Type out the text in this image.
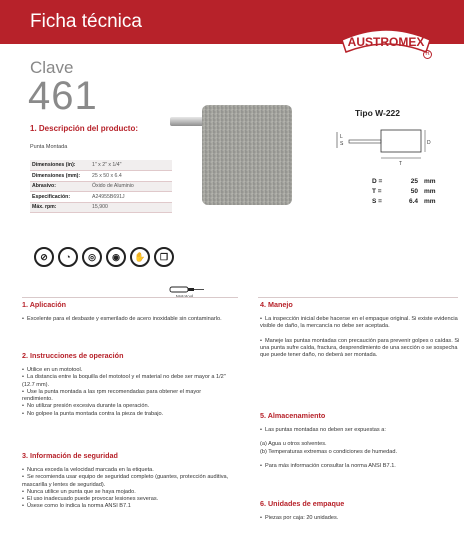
Ficha técnica
AUSTROMEX
R
Clave
461
1. Descripción del producto:
Punta Montada
Dimensiones (in):	1" x 2" x 1/4"
Dimensiones (mm):	25 x 50 x 6.4
Abrasivo:	Óxido de Aluminio
Especificación:	A24955B691J
Máx. rpm:	15,900
Tipo W-222
L
S	D
T
D =	25 mm
T =	50 mm
S =	6.4 mm
⊘	◔	◎	◉	✋	❐
1. Aplicación
• Excelente para el desbaste y esmerilado de acero inoxidable sin contaminarlo.
2. Instrucciones de operación
• Utilice en un mototool.
• La distancia entre la boquilla del mototool y el material no debe ser mayor a 1/2" (12.7 mm).
• Use la punta montada a las rpm recomendadas para obtener el mayor rendimiento.
• No utilizar presión excesiva durante la operación.
• No golpee la punta montada contra la pieza de trabajo.
3. Información de seguridad
• Nunca exceda la velocidad marcada en la etiqueta.
• Se recomienda usar equipo de seguridad completo (guantes, protección auditiva, mascarilla y lentes de seguridad).
• Nunca utilice un punta que se haya mojado.
• El uso inadecuado puede provocar lesiones severas.
• Úsese como lo indica la norma ANSI B7.1
4. Manejo
• La inspección inicial debe hacerse en el empaque original. Si existe evidencia visible de daño, la mercancía no debe ser aceptada.
• Maneje las puntas montadas con precaución para prevenir golpes o caídas. Si una punta sufre caída, fractura, desprendimiento de una sección o se sospecha que puede tener daño, no deberá ser montada.
5. Almacenamiento
• Las puntas montadas no deben ser expuestas a:

(a) Agua u otros solventes.

(b) Temperaturas extremas o condiciones de humedad.

• Para más información consultar la norma ANSI B7.1.
6. Unidades de empaque
• Piezas por caja: 20 unidades.
